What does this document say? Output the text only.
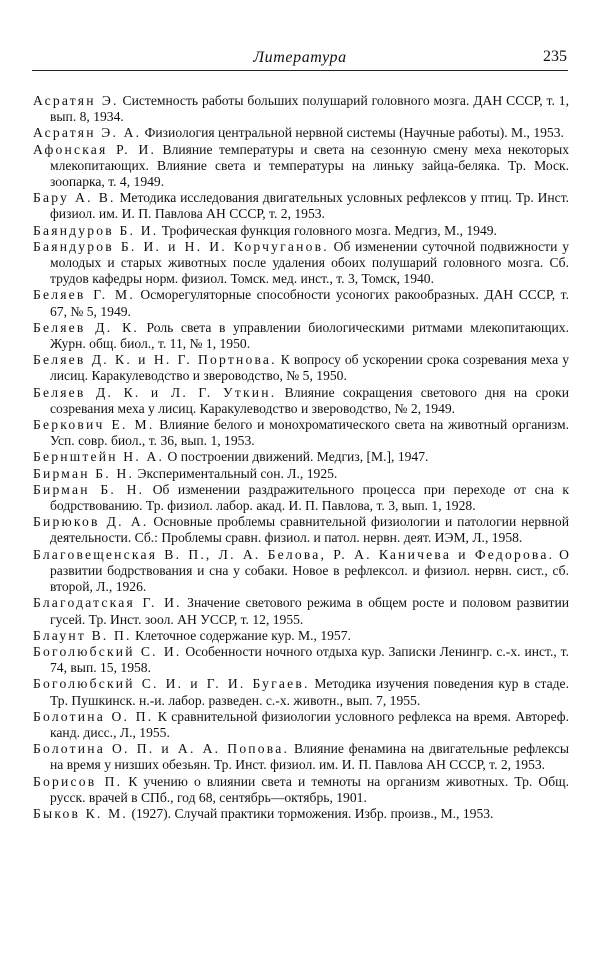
Литература	235

Асратян Э. Системность работы больших полушарий головного мозга. ДАН СССР, т. 1, вып. 8, 1934.

Асратян Э. А. Физиология центральной нервной системы (Научные работы). М., 1953.

Афонская Р. И. Влияние температуры и света на сезонную смену меха некоторых млекопитающих. Влияние света и температуры на линьку зайца-беляка. Тр. Моск. зоопарка, т. 4, 1949.

Бару А. В. Методика исследования двигательных условных рефлексов у птиц. Тр. Инст. физиол. им. И. П. Павлова АН СССР, т. 2, 1953.

Баяндуров Б. И. Трофическая функция головного мозга. Медгиз, М., 1949.

Баяндуров Б. И. и Н. И. Корчуганов. Об изменении суточной подвижности у молодых и старых животных после удаления обоих полушарий головного мозга. Сб. трудов кафедры норм. физиол. Томск. мед. инст., т. 3, Томск, 1940.

Беляев Г. М. Осморегуляторные способности усоногих ракообразных. ДАН СССР, т. 67, № 5, 1949.

Беляев Д. К. Роль света в управлении биологическими ритмами млекопитающих. Журн. общ. биол., т. 11, № 1, 1950.

Беляев Д. К. и Н. Г. Портнова. К вопросу об ускорении срока созревания меха у лисиц. Каракулеводство и звероводство, № 5, 1950.

Беляев Д. К. и Л. Г. Уткин. Влияние сокращения светового дня на сроки созревания меха у лисиц. Каракулеводство и звероводство, № 2, 1949.

Беркович Е. М. Влияние белого и монохроматического света на животный организм. Усп. совр. биол., т. 36, вып. 1, 1953.

Бернштейн Н. А. О построении движений. Медгиз, [М.], 1947.

Бирман Б. Н. Экспериментальный сон. Л., 1925.

Бирман Б. Н. Об изменении раздражительного процесса при переходе от сна к бодрствованию. Тр. физиол. лабор. акад. И. П. Павлова, т. 3, вып. 1, 1928.

Бирюков Д. А. Основные проблемы сравнительной физиологии и патологии нервной деятельности. Сб.: Проблемы сравн. физиол. и патол. нервн. деят. ИЭМ, Л., 1958.

Благовещенская В. П., Л. А. Белова, Р. А. Каничева и Федорова. О развитии бодрствования и сна у собаки. Новое в рефлексол. и физиол. нервн. сист., сб. второй, Л., 1926.

Благодатская Г. И. Значение светового режима в общем росте и половом развитии гусей. Тр. Инст. зоол. АН УССР, т. 12, 1955.

Блаунт В. П. Клеточное содержание кур. М., 1957.

Боголюбский С. И. Особенности ночного отдыха кур. Записки Ленингр. с.-х. инст., т. 74, вып. 15, 1958.

Боголюбский С. И. и Г. И. Бугаев. Методика изучения поведения кур в стаде. Тр. Пушкинск. н.-и. лабор. разведен. с.-х. животн., вып. 7, 1955.

Болотина О. П. К сравнительной физиологии условного рефлекса на время. Автореф. канд. дисс., Л., 1955.

Болотина О. П. и А. А. Попова. Влияние фенамина на двигательные рефлексы на время у низших обезьян. Тр. Инст. физиол. им. И. П. Павлова АН СССР, т. 2, 1953.

Борисов П. К учению о влиянии света и темноты на организм животных. Тр. Общ. русск. врачей в СПб., год 68, сентябрь—октябрь, 1901.

Быков К. М. (1927). Случай практики торможения. Избр. произв., М., 1953.
